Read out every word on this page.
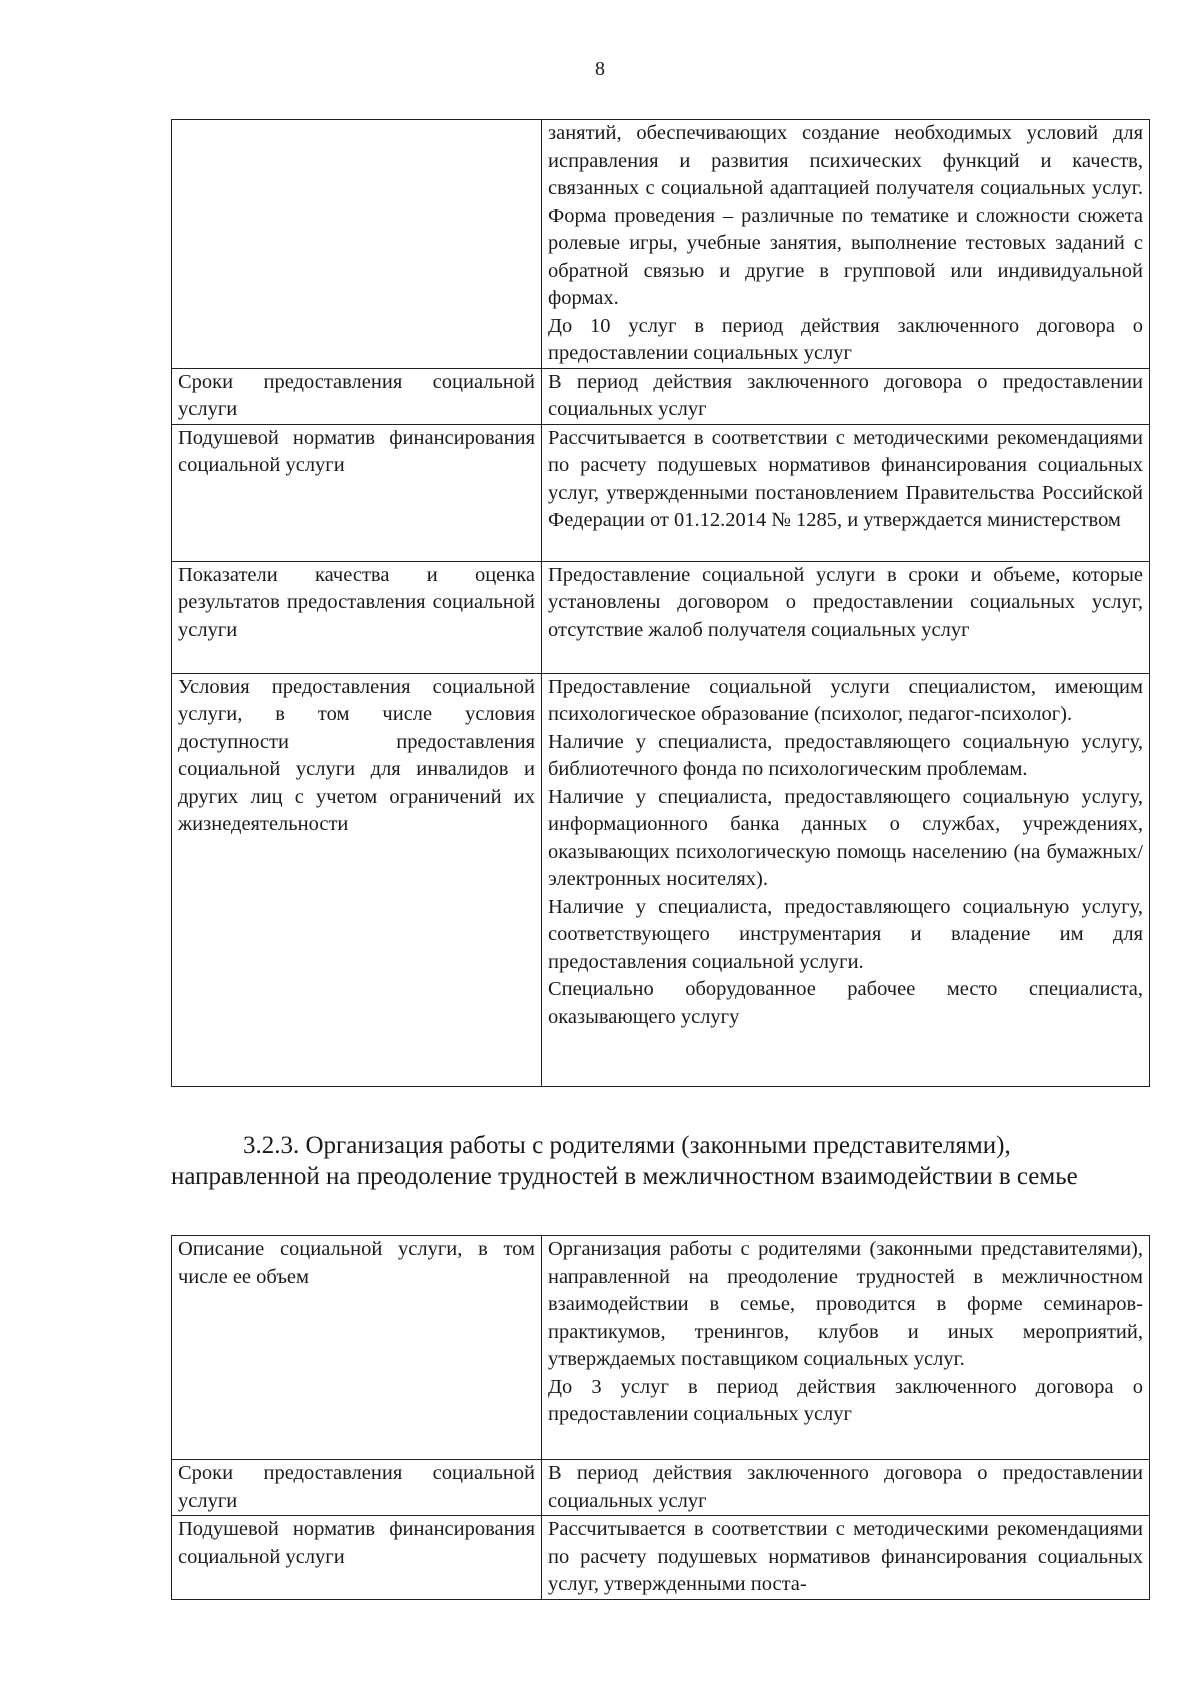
8

	занятий, обеспечивающих создание необходимых условий для исправления и развития психических функций и качеств, связанных с социальной адаптацией получателя социальных услуг. Форма проведения – различные по тематике и сложности сюжета ролевые игры, учебные занятия, выполнение тестовых заданий с обратной связью и другие в групповой или индивидуальной формах.
До 10 услуг в период действия заключенного договора о предоставлении социальных услуг

Сроки предоставления социальной услуги	В период действия заключенного договора о предоставлении социальных услуг

Подушевой норматив финансирования социальной услуги	Рассчитывается в соответствии с методическими рекомендациями по расчету подушевых нормативов финансирования социальных услуг, утвержденными постановлением Правительства Российской Федерации от 01.12.2014 № 1285, и утверждается министерством

Показатели качества и оценка результатов предоставления социальной услуги	Предоставление социальной услуги в сроки и объеме, которые установлены договором о предоставлении социальных услуг, отсутствие жалоб получателя социальных услуг

Условия предоставления социальной услуги, в том числе условия доступности предоставления социальной услуги для инвалидов и других лиц с учетом ограничений их жизнедеятельности	Предоставление социальной услуги специалистом, имеющим психологическое образование (психолог, педагог-психолог).
Наличие у специалиста, предоставляющего социальную услугу, библиотечного фонда по психологическим проблемам.
Наличие у специалиста, предоставляющего социальную услугу, информационного банка данных о службах, учреждениях, оказывающих психологическую помощь населению (на бумажных/электронных носителях).
Наличие у специалиста, предоставляющего социальную услугу, соответствующего инструментария и владение им для предоставления социальной услуги.
Специально оборудованное рабочее место специалиста, оказывающего услугу
3.2.3. Организация работы с родителями (законными представителями),
направленной на преодоление трудностей в межличностном взаимодействии в семье
Описание социальной услуги, в том числе ее объем	Организация работы с родителями (законными представителями), направленной на преодоление трудностей в межличностном взаимодействии в семье, проводится в форме семинаров-практикумов, тренингов, клубов и иных мероприятий, утверждаемых поставщиком социальных услуг.
До 3 услуг в период действия заключенного договора о предоставлении социальных услуг

Сроки предоставления социальной услуги	В период действия заключенного договора о предоставлении социальных услуг

Подушевой норматив финансирования социальной услуги	Рассчитывается в соответствии с методическими рекомендациями по расчету подушевых нормативов финансирования социальных услуг, утвержденными поста-
